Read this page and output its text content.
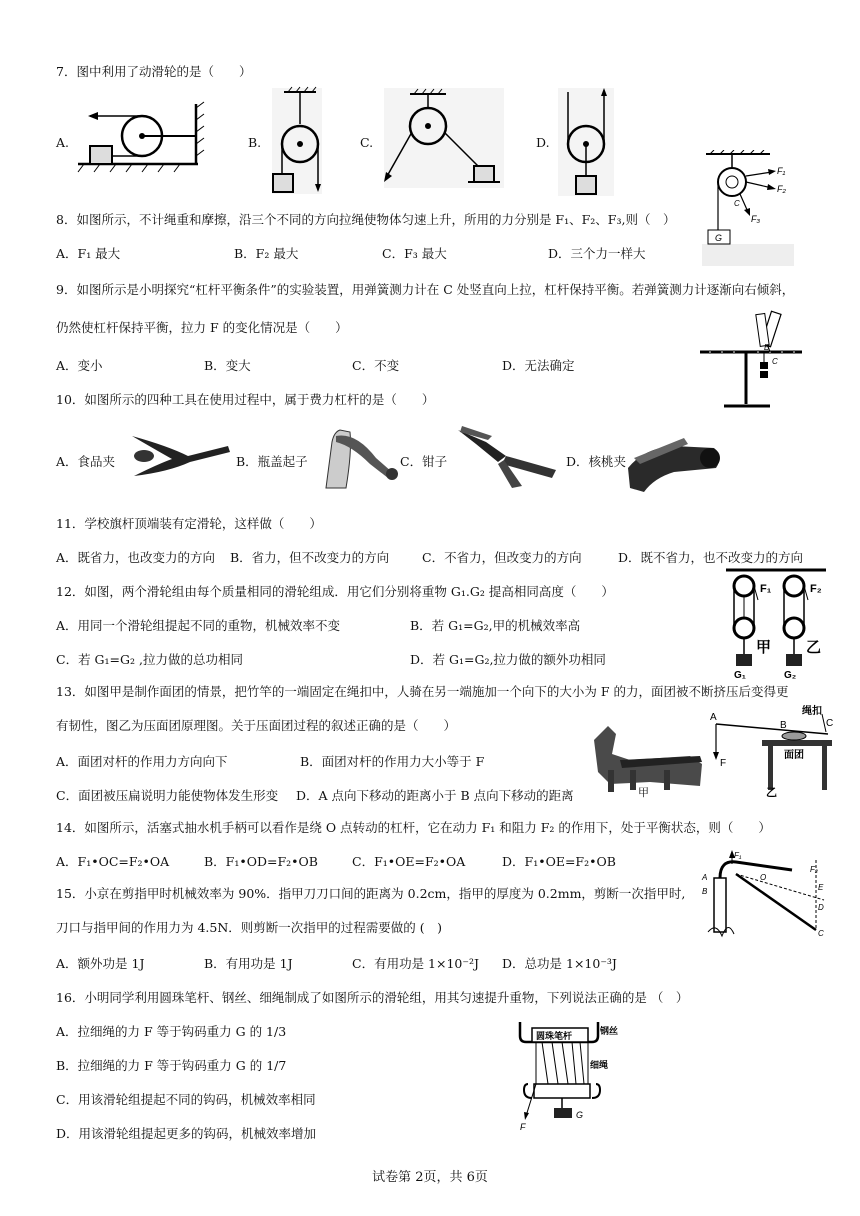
7．图中利用了动滑轮的是（　　）
A.	B.	C.	D.
F₁
F₂
F₃
C
G
8．如图所示，不计绳重和摩擦，沿三个不同的方向拉绳使物体匀速上升，所用的力分别是 F₁、F₂、F₃,则（　）
A．F₁ 最大	B．F₂ 最大	C．F₃ 最大	D．三个力一样大
9．如图所示是小明探究“杠杆平衡条件”的实验装置，用弹簧测力计在 C 处竖直向上拉，杠杆保持平衡。若弹簧测力计逐渐向右倾斜，
仍然使杠杆保持平衡，拉力 F 的变化情况是（　　）
A．变小	B．变大	C．不变	D．无法确定
B
C
10．如图所示的四种工具在使用过程中，属于费力杠杆的是（　　）
A．食品夹	B．瓶盖起子	C．钳子	D．核桃夹
11．学校旗杆顶端装有定滑轮，这样做（　　）
A．既省力，也改变力的方向 B．省力，但不改变力的方向	C．不省力，但改变力的方向	D．既不省力，也不改变力的方向
12．如图，两个滑轮组由每个质量相同的滑轮组成．用它们分别将重物 G₁.G₂ 提高相同高度（　　）
A．用同一个滑轮组提起不同的重物，机械效率不变	B．若 G₁=G₂,甲的机械效率高
C．若 G₁=G₂ ,拉力做的总功相同	D．若 G₁=G₂,拉力做的额外功相同
F₁	F₂
甲 乙
G₁	G₂
13．如图甲是制作面团的情景，把竹竿的一端固定在绳扣中，人骑在另一端施加一个向下的大小为 F 的力，面团被不断挤压后变得更
有韧性，图乙为压面团原理图。关于压面团过程的叙述正确的是（　　）
A．面团对杆的作用力方向向下	B．面团对杆的作用力大小等于 F
C．面团被压扁说明力能使物体发生形变 D．A 点向下移动的距离小于 B 点向下移动的距离	甲
A
B	C
F
绳扣
面团
乙
14．如图所示，活塞式抽水机手柄可以看作是绕 O 点转动的杠杆，它在动力 F₁ 和阻力 F₂ 的作用下，处于平衡状态，则（　　）
A．F₁•OC=F₂•OA	B．F₁•OD=F₂•OB	C．F₁•OE=F₂•OA	D．F₁•OE=F₂•OB	F₁
A
B
O
E
D
C
F₂
15．小京在剪指甲时机械效率为 90%．指甲刀刀口间的距离为 0.2cm，指甲的厚度为 0.2mm，剪断一次指甲时,
刀口与指甲间的作用力为 4.5N．则剪断一次指甲的过程需要做的 (　)
A．额外功是 1J	B．有用功是 1J	C．有用功是 1×10⁻²J D．总功是 1×10⁻³J
16．小明同学利用圆珠笔杆、钢丝、细绳制成了如图所示的滑轮组，用其匀速提升重物，下列说法正确的是 （　）
A．拉细绳的力 F 等于钩码重力 G 的 1/3
B．拉细绳的力 F 等于钩码重力 G 的 1/7
C．用该滑轮组提起不同的钩码，机械效率相同
D．用该滑轮组提起更多的钩码，机械效率增加
圆珠笔杆	钢丝
细绳
F
G
试卷第 2页，共 6页
